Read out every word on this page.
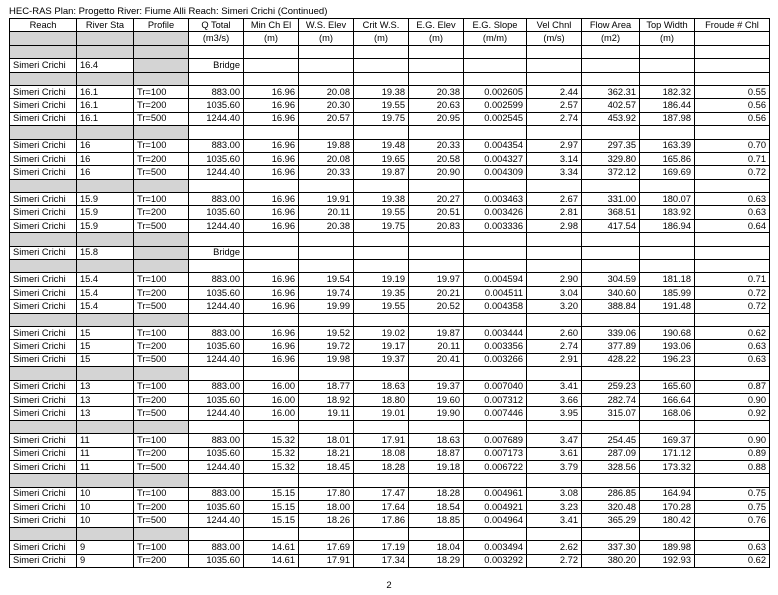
HEC-RAS Plan: Progetto River: Fiume Alli Reach: Simeri Crichi (Continued)
Reach	River Sta	Profile	Q Total	Min Ch El	W.S. Elev	Crit W.S.	E.G. Elev	E.G. Slope	Vel Chnl	Flow Area	Top Width	Froude # Chl
			(m3/s)	(m)	(m)	(m)	(m)	(m/m)	(m/s)	(m2)	(m)	

Simeri Crichi	16.4		Bridge									

Simeri Crichi	16.1	Tr=100	883.00	16.96	20.08	19.38	20.38	0.002605	2.44	362.31	182.32	0.55
Simeri Crichi	16.1	Tr=200	1035.60	16.96	20.30	19.55	20.63	0.002599	2.57	402.57	186.44	0.56
Simeri Crichi	16.1	Tr=500	1244.40	16.96	20.57	19.75	20.95	0.002545	2.74	453.92	187.98	0.56

Simeri Crichi	16	Tr=100	883.00	16.96	19.88	19.48	20.33	0.004354	2.97	297.35	163.39	0.70
Simeri Crichi	16	Tr=200	1035.60	16.96	20.08	19.65	20.58	0.004327	3.14	329.80	165.86	0.71
Simeri Crichi	16	Tr=500	1244.40	16.96	20.33	19.87	20.90	0.004309	3.34	372.12	169.69	0.72

Simeri Crichi	15.9	Tr=100	883.00	16.96	19.91	19.38	20.27	0.003463	2.67	331.00	180.07	0.63
Simeri Crichi	15.9	Tr=200	1035.60	16.96	20.11	19.55	20.51	0.003426	2.81	368.51	183.92	0.63
Simeri Crichi	15.9	Tr=500	1244.40	16.96	20.38	19.75	20.83	0.003336	2.98	417.54	186.94	0.64

Simeri Crichi	15.8		Bridge									

Simeri Crichi	15.4	Tr=100	883.00	16.96	19.54	19.19	19.97	0.004594	2.90	304.59	181.18	0.71
Simeri Crichi	15.4	Tr=200	1035.60	16.96	19.74	19.35	20.21	0.004511	3.04	340.60	185.99	0.72
Simeri Crichi	15.4	Tr=500	1244.40	16.96	19.99	19.55	20.52	0.004358	3.20	388.84	191.48	0.72

Simeri Crichi	15	Tr=100	883.00	16.96	19.52	19.02	19.87	0.003444	2.60	339.06	190.68	0.62
Simeri Crichi	15	Tr=200	1035.60	16.96	19.72	19.17	20.11	0.003356	2.74	377.89	193.06	0.63
Simeri Crichi	15	Tr=500	1244.40	16.96	19.98	19.37	20.41	0.003266	2.91	428.22	196.23	0.63

Simeri Crichi	13	Tr=100	883.00	16.00	18.77	18.63	19.37	0.007040	3.41	259.23	165.60	0.87
Simeri Crichi	13	Tr=200	1035.60	16.00	18.92	18.80	19.60	0.007312	3.66	282.74	166.64	0.90
Simeri Crichi	13	Tr=500	1244.40	16.00	19.11	19.01	19.90	0.007446	3.95	315.07	168.06	0.92

Simeri Crichi	11	Tr=100	883.00	15.32	18.01	17.91	18.63	0.007689	3.47	254.45	169.37	0.90
Simeri Crichi	11	Tr=200	1035.60	15.32	18.21	18.08	18.87	0.007173	3.61	287.09	171.12	0.89
Simeri Crichi	11	Tr=500	1244.40	15.32	18.45	18.28	19.18	0.006722	3.79	328.56	173.32	0.88

Simeri Crichi	10	Tr=100	883.00	15.15	17.80	17.47	18.28	0.004961	3.08	286.85	164.94	0.75
Simeri Crichi	10	Tr=200	1035.60	15.15	18.00	17.64	18.54	0.004921	3.23	320.48	170.28	0.75
Simeri Crichi	10	Tr=500	1244.40	15.15	18.26	17.86	18.85	0.004964	3.41	365.29	180.42	0.76

Simeri Crichi	9	Tr=100	883.00	14.61	17.69	17.19	18.04	0.003494	2.62	337.30	189.98	0.63
Simeri Crichi	9	Tr=200	1035.60	14.61	17.91	17.34	18.29	0.003292	2.72	380.20	192.93	0.62
2
